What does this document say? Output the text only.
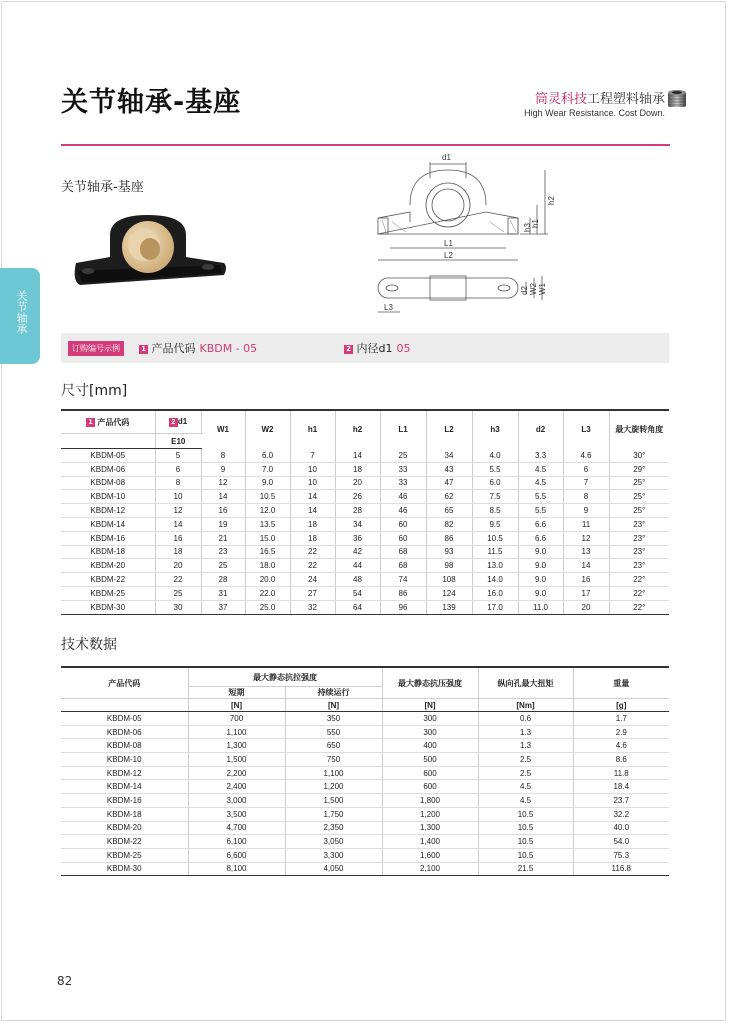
关节轴承-基座	筒灵科技工程塑料轴承
High Wear Resistance. Cost Down.
关节轴承
关节轴承-基座
d1
h2
h3 h1
L1
L2
d2 W2 W1
L3
订购编号示例	1 产品代码 KBDM - 05	2 内径d1 05
尺寸[mm]
1 产品代码	2 d1	W1	W2	h1	h2	L1	L2	h3	d2	L3	最大旋转角度
	E10										
KBDM-05	5	8	6.0	7	14	25	34	4.0	3.3	4.6	30°
KBDM-06	6	9	7.0	10	18	33	43	5.5	4.5	6	29°
KBDM-08	8	12	9.0	10	20	33	47	6.0	4.5	7	25°
KBDM-10	10	14	10.5	14	26	46	62	7.5	5.5	8	25°
KBDM-12	12	16	12.0	14	28	46	65	8.5	5.5	9	25°
KBDM-14	14	19	13.5	18	34	60	82	9.5	6.6	11	23°
KBDM-16	16	21	15.0	18	36	60	86	10.5	6.6	12	23°
KBDM-18	18	23	16.5	22	42	68	93	11.5	9.0	13	23°
KBDM-20	20	25	18.0	22	44	68	98	13.0	9.0	14	23°
KBDM-22	22	28	20.0	24	48	74	108	14.0	9.0	16	22°
KBDM-25	25	31	22.0	27	54	86	124	16.0	9.0	17	22°
KBDM-30	30	37	25.0	32	64	96	139	17.0	11.0	20	22°
技术数据
产品代码	最大静态抗拉强度		最大静态抗压强度	纵向孔最大扭矩	重量
	短期	持续运行			
	[N]	[N]	[N]	[Nm]	[g]
KBDM-05	700	350	300	0.6	1.7
KBDM-06	1,100	550	300	1.3	2.9
KBDM-08	1,300	650	400	1.3	4.6
KBDM-10	1,500	750	500	2.5	8.6
KBDM-12	2,200	1,100	600	2.5	11.8
KBDM-14	2,400	1,200	600	4.5	18.4
KBDM-16	3,000	1,500	1,800	4.5	23.7
KBDM-18	3,500	1,750	1,200	10.5	32.2
KBDM-20	4,700	2,350	1,300	10.5	40.0
KBDM-22	6,100	3,050	1,400	10.5	54.0
KBDM-25	6,600	3,300	1,600	10.5	75.3
KBDM-30	8,100	4,050	2,100	21.5	116.8
82
